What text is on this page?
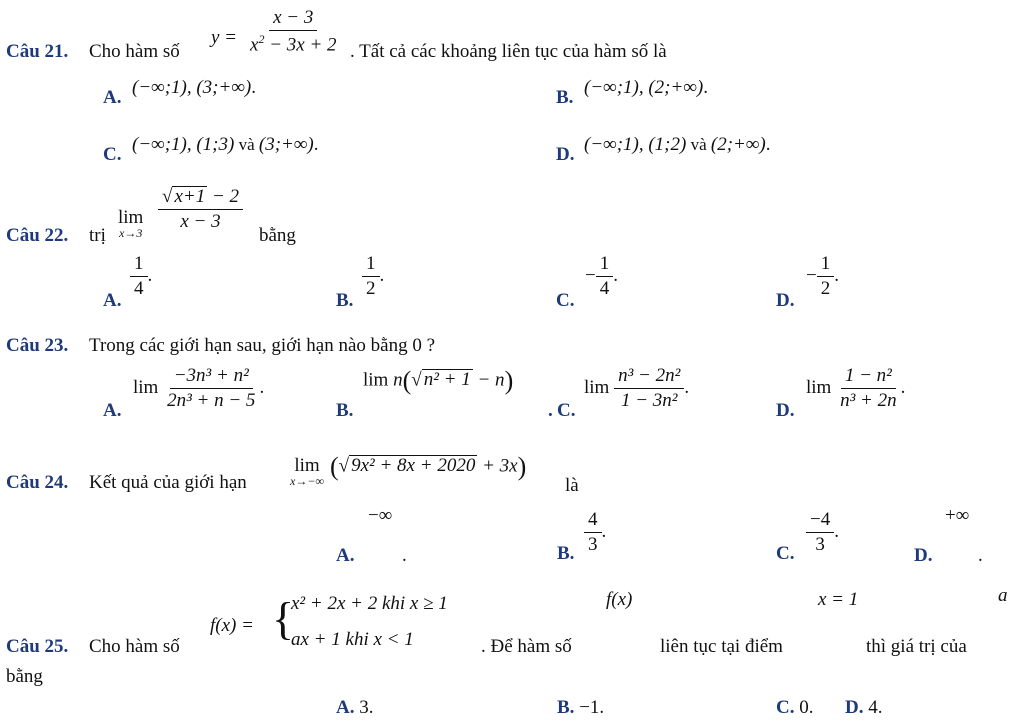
Câu 21. Cho hàm số
$y = \frac{x - 3}{x^2 - 3x + 2}$ . Tất cả các khoảng liên tục của hàm số là
A. (−∞;1), (3;+∞).	B. (−∞;1), (2;+∞).
C. (−∞;1), (1;3) và (3;+∞).	D. (−∞;1), (1;2) và (2;+∞).
Câu 22. trị
lim
x→3
$\frac{√ x+1 - 2}{x - 3}$
bằng
A.
$\frac{1}{4}$ .
B.
$\frac{1}{2}$ .
C.
− $\frac{1}{4}$ .
D.
− $\frac{1}{2}$ .
Câu 23. Trong các giới hạn sau, giới hạn nào bằng 0 ?
A.
$\lim \frac{\text{−3n³ + n²}}{\text{2n³ + n − 5}}$ .
B.
lim n(√ n² + 1 − n)
. C.
$\lim \frac{\text{n³ − 2n²}}{\text{1 − 3n²}}$ .
D.
$\lim \frac{\text{1 − n²}}{\text{n³ + 2n}}$ .
Câu 24. Kết quả của giới hạn
lim
x→−∞ (√ 9x² + 8x + 2020 + 3x)
là
−∞
A.	.	B. $\frac{4}{3}$ .
C. $\frac{-4}{3}$ .
+∞
D. .
f(x) = {
x² + 2x + 2 khi x ≥ 1
ax + 1 khi x < 1
f(x)	x = 1	a
Câu 25. Cho hàm số	. Để hàm số	liên tục tại điểm	thì giá trị của
bằng
A. 3.	B. −1.	C. 0. D. 4.
